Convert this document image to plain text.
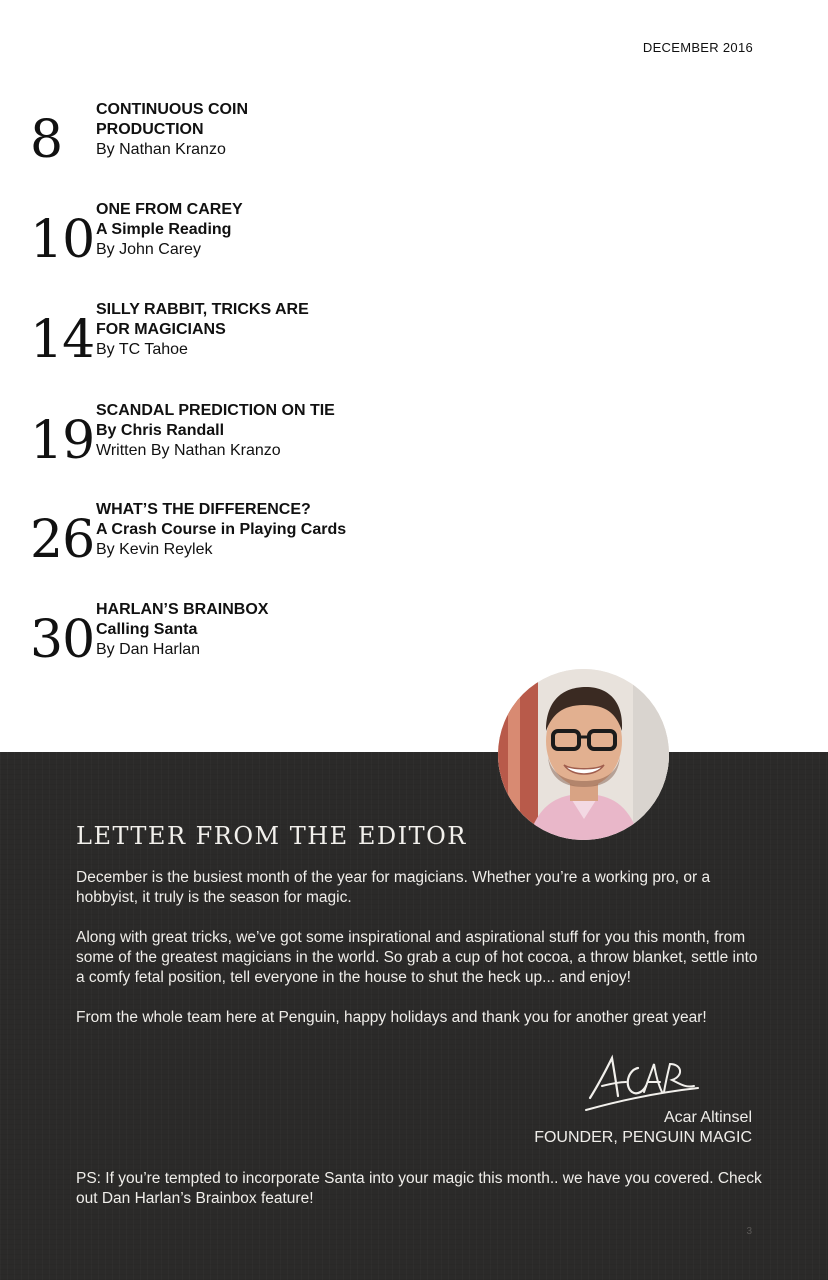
DECEMBER 2016
8
CONTINUOUS COIN PRODUCTION
By Nathan Kranzo
10
ONE FROM CAREY
A Simple Reading
By John Carey
14
SILLY RABBIT, TRICKS ARE FOR MAGICIANS
By TC Tahoe
19
SCANDAL PREDICTION ON TIE
By Chris Randall
Written By Nathan Kranzo
26
WHAT’S THE DIFFERENCE?
A Crash Course in Playing Cards
By Kevin Reylek
30
HARLAN’S BRAINBOX
Calling Santa
By Dan Harlan
LETTER FROM THE EDITOR

December is the busiest month of the year for magicians. Whether you’re a working pro, or a hobbyist, it truly is the season for magic.

Along with great tricks, we’ve got some inspirational and aspirational stuff for you this month, from some of the greatest magicians in the world. So grab a cup of hot cocoa, a throw blanket, settle into a comfy fetal position, tell everyone in the house to shut the heck up... and enjoy!

From the whole team here at Penguin, happy holidays and thank you for another great year!

Acar Altinsel
FOUNDER, PENGUIN MAGIC
PS: If you’re tempted to incorporate Santa into your magic this month.. we have you covered. Check out Dan Harlan’s Brainbox feature!
3
